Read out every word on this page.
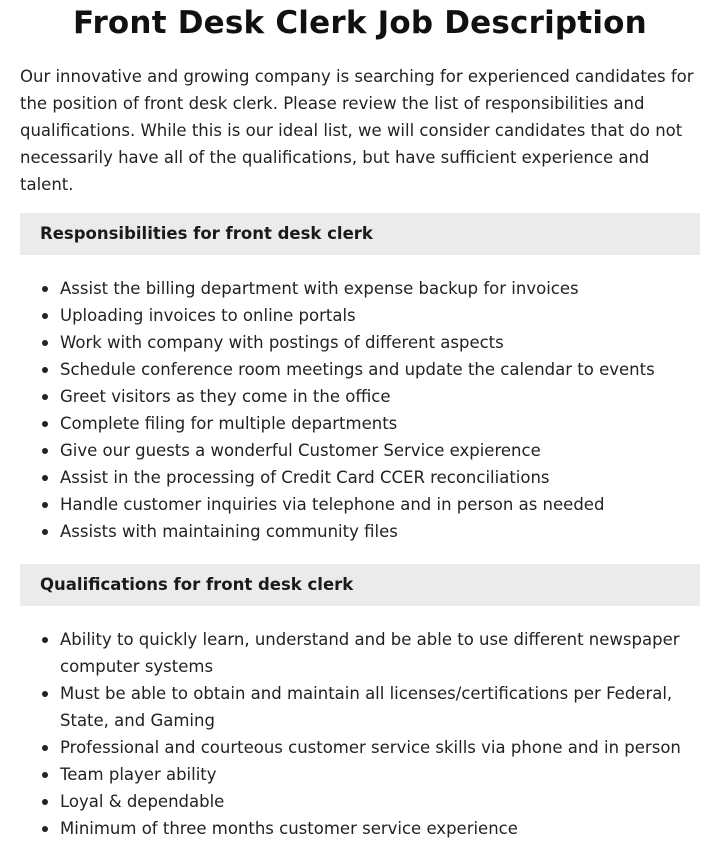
Front Desk Clerk Job Description

Our innovative and growing company is searching for experienced candidates for the position of front desk clerk. Please review the list of responsibilities and qualifications. While this is our ideal list, we will consider candidates that do not necessarily have all of the qualifications, but have sufficient experience and talent.

Responsibilities for front desk clerk
Assist the billing department with expense backup for invoices
Uploading invoices to online portals
Work with company with postings of different aspects
Schedule conference room meetings and update the calendar to events
Greet visitors as they come in the office
Complete filing for multiple departments
Give our guests a wonderful Customer Service expierence
Assist in the processing of Credit Card CCER reconciliations
Handle customer inquiries via telephone and in person as needed
Assists with maintaining community files
Qualifications for front desk clerk
Ability to quickly learn, understand and be able to use different newspaper computer systems
Must be able to obtain and maintain all licenses/certifications per Federal, State, and Gaming
Professional and courteous customer service skills via phone and in person
Team player ability
Loyal & dependable
Minimum of three months customer service experience
